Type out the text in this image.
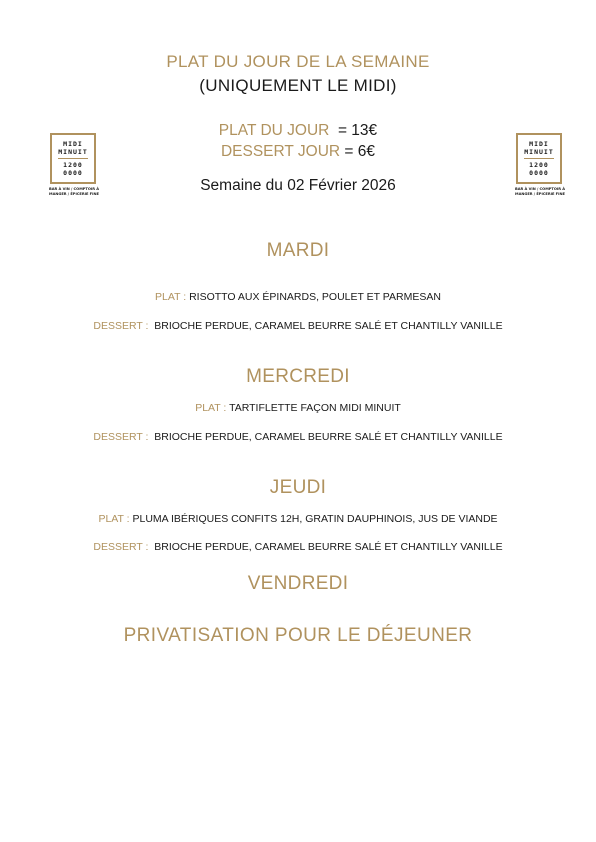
MIDI
MINUIT
1200
0000
BAR À VIN / COMPTOIR À
MANGER / ÉPICERIE FINE
MIDI
MINUIT
1200
0000
BAR À VIN / COMPTOIR À
MANGER / ÉPICERIE FINE
PLAT DU JOUR DE LA SEMAINE
(UNIQUEMENT LE MIDI)
PLAT DU JOUR = 13€
DESSERT JOUR = 6€
Semaine du 02 Février 2026
MARDI
PLAT : RISOTTO AUX ÉPINARDS, POULET ET PARMESAN
DESSERT : BRIOCHE PERDUE, CARAMEL BEURRE SALÉ ET CHANTILLY VANILLE
MERCREDI
PLAT : TARTIFLETTE FAÇON MIDI MINUIT
DESSERT : BRIOCHE PERDUE, CARAMEL BEURRE SALÉ ET CHANTILLY VANILLE
JEUDI
PLAT : PLUMA IBÉRIQUES CONFITS 12H, GRATIN DAUPHINOIS, JUS DE VIANDE
DESSERT : BRIOCHE PERDUE, CARAMEL BEURRE SALÉ ET CHANTILLY VANILLE
VENDREDI
PRIVATISATION POUR LE DÉJEUNER
